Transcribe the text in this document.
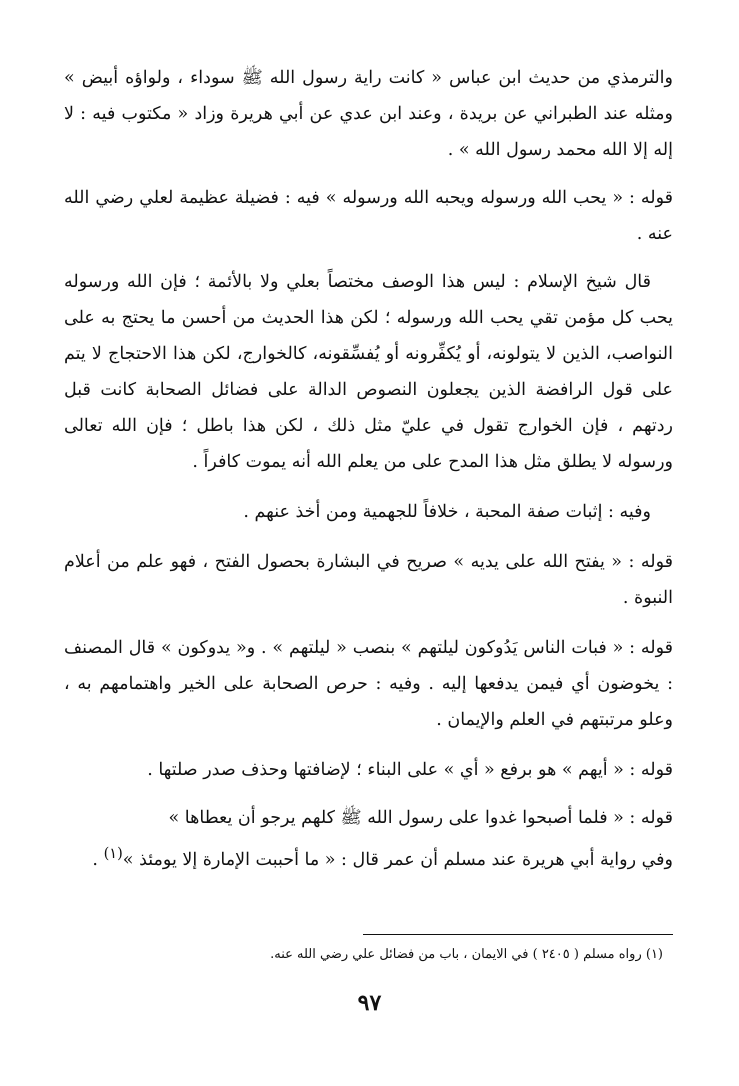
والترمذي من حديث ابن عباس « كانت راية رسول الله ﷺ سوداء ، ولواؤه أبيض » ومثله عند الطبراني عن بريدة ، وعند ابن عدي عن أبي هريرة وزاد « مكتوب فيه : لا إله إلا الله محمد رسول الله » .

قوله : « يحب الله ورسوله ويحبه الله ورسوله » فيه : فضيلة عظيمة لعلي رضي الله عنه .

قال شيخ الإسلام : ليس هذا الوصف مختصاً بعلي ولا بالأئمة ؛ فإن الله ورسوله يحب كل مؤمن تقي يحب الله ورسوله ؛ لكن هذا الحديث من أحسن ما يحتج به على النواصب، الذين لا يتولونه، أو يُكفِّرونه أو يُفسِّقونه، كالخوارج، لكن هذا الاحتجاج لا يتم على قول الرافضة الذين يجعلون النصوص الدالة على فضائل الصحابة كانت قبل ردتهم ، فإن الخوارج تقول في عليّ مثل ذلك ، لكن هذا باطل ؛ فإن الله تعالى ورسوله لا يطلق مثل هذا المدح على من يعلم الله أنه يموت كافراً .

وفيه : إثبات صفة المحبة ، خلافاً للجهمية ومن أخذ عنهم .

قوله : « يفتح الله على يديه » صريح في البشارة بحصول الفتح ، فهو علم من أعلام النبوة .

قوله : « فبات الناس يَدُوكون ليلتهم » بنصب « ليلتهم » . و« يدوكون » قال المصنف : يخوضون أي فيمن يدفعها إليه . وفيه : حرص الصحابة على الخير واهتمامهم به ، وعلو مرتبتهم في العلم والإيمان .

قوله : « أيهم » هو برفع « أي » على البناء ؛ لإضافتها وحذف صدر صلتها .

قوله : « فلما أصبحوا غدوا على رسول الله ﷺ كلهم يرجو أن يعطاها »

وفي رواية أبي هريرة عند مسلم أن عمر قال : « ما أحببت الإمارة إلا يومئذ »$^{(١)}$ .

(١) رواه مسلم ( ٢٤٠٥ ) في الايمان ، باب من فضائل علي رضي الله عنه.

٩٧
